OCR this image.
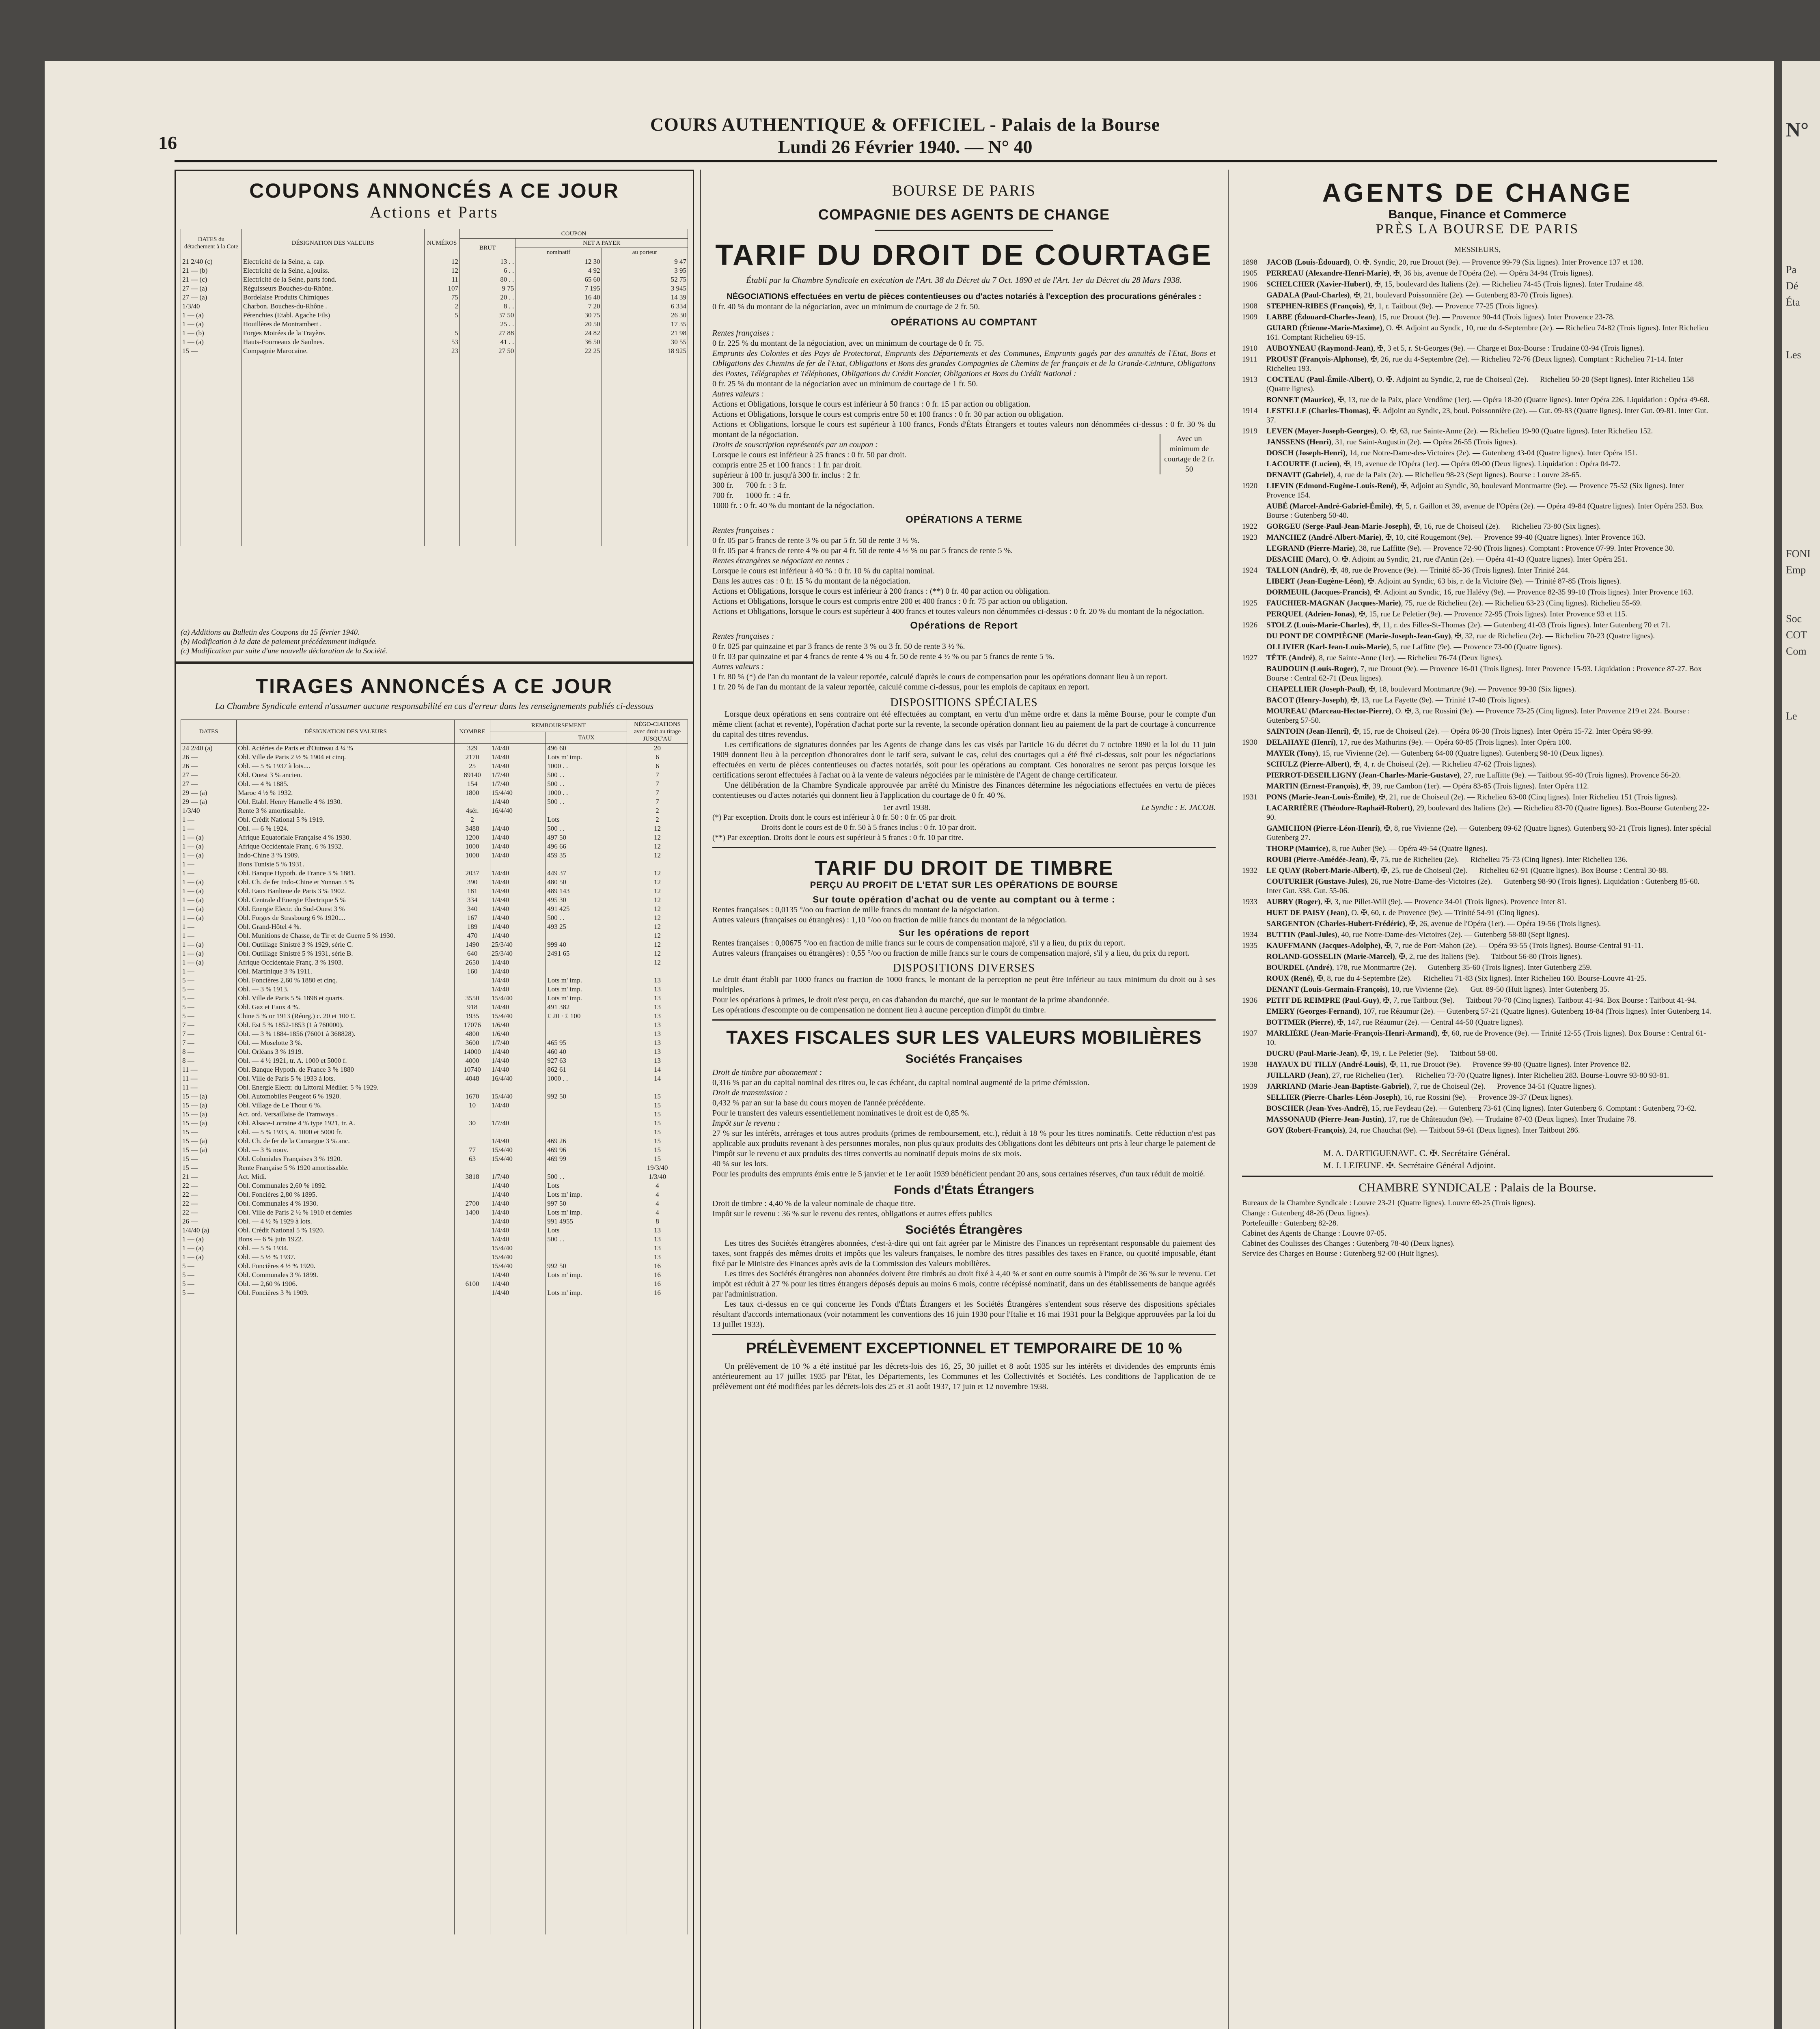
N°
Pa
Dé
Éta
Les
FONI
Emp
Soc
COT
Com
Le
16
COURS AUTHENTIQUE & OFFICIEL - Palais de la Bourse
Lundi 26 Février 1940. — N° 40
COUPONS ANNONCÉS A CE JOUR
Actions et Parts
DATES du détachement à la Cote	DÉSIGNATION DES VALEURS	NUMÉROS	COUPON		
			BRUT	NET A PAYER	
				nominatif	au porteur
21 2/40 (c)	Electricité de la Seine, a. cap.	12	13 . .	12 30	9 47
21 — (b)	Electricité de la Seine, a.jouiss.	12	6 . .	4 92	3 95
21 — (c)	Electricité de la Seine, parts fond.	11	80 . .	65 60	52 75
27 — (a)	Réguisseurs Bouches-du-Rhône.	107	9 75	7 195	3 945
27 — (a)	Bordelaise Produits Chimiques	75	20 . .	16 40	14 39
1/3/40	Charbon. Bouches-du-Rhône .	2	8 . .	7 20	6 334
1 — (a)	Pérenchies (Etabl. Agache Fils)	5	37 50	30 75	26 30
1 — (a)	Houillères de Montrambert .		25 . .	20 50	17 35
1 — (b)	Forges Moirées de la Trayère.	5	27 88	24 82	21 98
1 — (a)	Hauts-Fourneaux de Saulnes.	53	41 . .	36 50	30 55
15 —	Compagnie Marocaine.	23	27 50	22 25	18 925

(a) Additions au Bulletin des Coupons du 15 février 1940.
(b) Modification à la date de paiement précédemment indiquée.
(c) Modification par suite d'une nouvelle déclaration de la Société.
TIRAGES ANNONCÉS A CE JOUR
La Chambre Syndicale entend n'assumer aucune responsabilité en cas d'erreur dans les renseignements publiés ci-dessous
DATES	DÉSIGNATION DES VALEURS	NOMBRE	REMBOURSEMENT		NÉGO-CIATIONS avec droit au tirage JUSQU'AU
				TAUX	
24 2/40 (a)	Obl. Aciéries de Paris et d'Outreau 4 ¼ %	329	1/4/40	496 60	20
26 —	Obl. Ville de Paris 2 ½ % 1904 et cinq.	2170	1/4/40	Lots m' imp.	6
26 —	Obl. — 5 % 1937 à lots....	25	1/4/40	1000 . .	6
27 —	Obl. Ouest 3 % ancien.	89140	1/7/40	500 . .	7
27 —	Obl. — 4 % 1885.	154	1/7/40	500 . .	7
29 — (a)	Maroc 4 ½ % 1932.	1800	15/4/40	1000 . .	7
29 — (a)	Obl. Etabl. Henry Hamelle 4 % 1930.		1/4/40	500 . .	7
1/3/40	Rente 3 % amortissable.	4sér.	16/4/40		2
1 —	Obl. Crédit National 5 % 1919.	2		Lots	2
1 —	Obl. — 6 % 1924.	3488	1/4/40	500 . .	12
1 — (a)	Afrique Equatoriale Française 4 % 1930.	1200	1/4/40	497 50	12
1 — (a)	Afrique Occidentale Franç. 6 % 1932.	1000	1/4/40	496 66	12
1 — (a)	Indo-Chine 3 % 1909.	1000	1/4/40	459 35	12
1 —	Bons Tunisie 5 % 1931.				
1 —	Obl. Banque Hypoth. de France 3 % 1881.	2037	1/4/40	449 37	12
1 — (a)	Obl. Ch. de fer Indo-Chine et Yunnan 3 %	390	1/4/40	480 50	12
1 — (a)	Obl. Eaux Banlieue de Paris 3 % 1902.	181	1/4/40	489 143	12
1 — (a)	Obl. Centrale d'Energie Electrique 5 %	334	1/4/40	495 30	12
1 — (a)	Obl. Energie Electr. du Sud-Ouest 3 %	340	1/4/40	491 425	12
1 — (a)	Obl. Forges de Strasbourg 6 % 1920....	167	1/4/40	500 . .	12
1 —	Obl. Grand-Hôtel 4 %.	189	1/4/40	493 25	12
1 —	Obl. Munitions de Chasse, de Tir et de Guerre 5 % 1930.	470	1/4/40		12
1 — (a)	Obl. Outillage Sinistré 3 % 1929, série C.	1490	25/3/40	999 40	12
1 — (a)	Obl. Outillage Sinistré 5 % 1931, série B.	640	25/3/40	2491 65	12
1 — (a)	Afrique Occidentale Franç. 3 % 1903.	2650	1/4/40		12
1 —	Obl. Martinique 3 % 1911.	160	1/4/40		
5 —	Obl. Foncières 2,60 % 1880 et cinq.		1/4/40	Lots m' imp.	13
5 —	Obl. — 3 % 1913.		1/4/40	Lots m' imp.	13
5 —	Obl. Ville de Paris 5 % 1898 et quarts.	3550	15/4/40	Lots m' imp.	13
5 —	Obl. Gaz et Eaux 4 %.	918	1/4/40	491 382	13
5 —	Chine 5 % or 1913 (Réorg.) c. 20 et 100 £.	1935	15/4/40	£ 20 · £ 100	13
7 —	Obl. Est 5 % 1852-1853 (1 à 760000).	17076	1/6/40		13
7 —	Obl. — 3 % 1884-1856 (76001 à 368828).	4800	1/6/40		13
7 —	Obl. — Moselotte 3 %.	3600	1/7/40	465 95	13
8 —	Obl. Orléans 3 % 1919.	14000	1/4/40	460 40	13
8 —	Obl. — 4 ½ 1921, tr. A. 1000 et 5000 f.	4000	1/4/40	927 63	13
11 —	Obl. Banque Hypoth. de France 3 % 1880	10740	1/4/40	862 61	14
11 —	Obl. Ville de Paris 5 % 1933 à lots.	4048	16/4/40	1000 . .	14
11 —	Obl. Energie Electr. du Littoral Médiler. 5 % 1929.				
15 — (a)	Obl. Automobiles Peugeot 6 % 1920.	1670	15/4/40	992 50	15
15 — (a)	Obl. Village de Le Thour 6 %.	10	1/4/40		15
15 — (a)	Act. ord. Versaillaise de Tramways .				15
15 — (a)	Obl. Alsace-Lorraine 4 % type 1921, tr. A.	30	1/7/40		15
15 —	Obl. — 5 % 1933, A. 1000 et 5000 fr.				15
15 — (a)	Obl. Ch. de fer de la Camargue 3 % anc.		1/4/40	469 26	15
15 — (a)	Obl. — 3 % nouv.	77	15/4/40	469 96	15
15 —	Obl. Coloniales Françaises 3 % 1920.	63	15/4/40	469 99	15
15 —	Rente Française 5 % 1920 amortissable.				19/3/40
21 —	Act. Midi.	3818	1/7/40	500 . .	1/3/40
22 —	Obl. Communales 2,60 % 1892.		1/4/40	Lots	4
22 —	Obl. Foncières 2,80 % 1895.		1/4/40	Lots m' imp.	4
22 —	Obl. Communales 4 % 1930.	2700	1/4/40	997 50	4
22 —	Obl. Ville de Paris 2 ½ % 1910 et demies	1400	1/4/40	Lots m' imp.	4
26 —	Obl. — 4 ½ % 1929 à lots.		1/4/40	991 4955	8
1/4/40 (a)	Obl. Crédit National 5 % 1920.		1/4/40	Lots	13
1 — (a)	Bons — 6 % juin 1922.		1/4/40	500 . .	13
1 — (a)	Obl. — 5 % 1934.		15/4/40		13
1 — (a)	Obl. — 5 ½ % 1937.		15/4/40		13
5 —	Obl. Foncières 4 ½ % 1920.		15/4/40	992 50	16
5 —	Obl. Communales 3 % 1899.		1/4/40	Lots m' imp.	16
5 —	Obl. — 2,60 % 1906.	6100	1/4/40		16
5 —	Obl. Foncières 3 % 1909.		1/4/40	Lots m' imp.	16

BOURSE DE PARIS
COMPAGNIE DES AGENTS DE CHANGE
TARIF DU DROIT DE COURTAGE
Établi par la Chambre Syndicale en exécution de l'Art. 38 du Décret du 7 Oct. 1890 et de l'Art. 1er du Décret du 28 Mars 1938.
NÉGOCIATIONS effectuées en vertu de pièces contentieuses ou d'actes notariés à l'exception des procurations générales :
0 fr. 40 % du montant de la négociation, avec un minimum de courtage de 2 fr. 50.
OPÉRATIONS AU COMPTANT
Rentes françaises :
0 fr. 225 % du montant de la négociation, avec un minimum de courtage de 0 fr. 75.
Emprunts des Colonies et des Pays de Protectorat, Emprunts des Départements et des Communes, Emprunts gagés par des annuités de l'Etat, Bons et Obligations des Chemins de fer de l'Etat, Obligations et Bons des grandes Compagnies de Chemins de fer français et de la Grande-Ceinture, Obligations des Postes, Télégraphes et Téléphones, Obligations du Crédit Foncier, Obligations et Bons du Crédit National :
0 fr. 25 % du montant de la négociation avec un minimum de courtage de 1 fr. 50.
Autres valeurs :
Actions et Obligations, lorsque le cours est inférieur à 50 francs : 0 fr. 15 par action ou obligation.
Actions et Obligations, lorsque le cours est compris entre 50 et 100 francs : 0 fr. 30 par action ou obligation.
Actions et Obligations, lorsque le cours est supérieur à 100 francs, Fonds d'États Étrangers et toutes valeurs non dénommées ci-dessus : 0 fr. 30 % du montant de la négociation.
Droits de souscription représentés par un coupon :
Lorsque le cours est inférieur à 25 francs : 0 fr. 50 par droit.
compris entre 25 et 100 francs : 1 fr. par droit.
supérieur à 100 fr. jusqu'à 300 fr. inclus : 2 fr.
300 fr. — 700 fr. : 3 fr.
700 fr. — 1000 fr. : 4 fr.
1000 fr. : 0 fr. 40 % du montant de la négociation.
Avec un minimum de courtage de 2 fr. 50
OPÉRATIONS A TERME
Rentes françaises :
0 fr. 05 par 5 francs de rente 3 % ou par 5 fr. 50 de rente 3 ½ %.
0 fr. 05 par 4 francs de rente 4 % ou par 4 fr. 50 de rente 4 ½ % ou par 5 francs de rente 5 %.
Rentes étrangères se négociant en rentes :
Lorsque le cours est inférieur à 40 % : 0 fr. 10 % du capital nominal.
Dans les autres cas : 0 fr. 15 % du montant de la négociation.
Actions et Obligations, lorsque le cours est inférieur à 200 francs : (**) 0 fr. 40 par action ou obligation.
Actions et Obligations, lorsque le cours est compris entre 200 et 400 francs : 0 fr. 75 par action ou obligation.
Actions et Obligations, lorsque le cours est supérieur à 400 francs et toutes valeurs non dénommées ci-dessus : 0 fr. 20 % du montant de la négociation.
Opérations de Report
Rentes françaises :
0 fr. 025 par quinzaine et par 3 francs de rente 3 % ou 3 fr. 50 de rente 3 ½ %.
0 fr. 03 par quinzaine et par 4 francs de rente 4 % ou 4 fr. 50 de rente 4 ½ % ou par 5 francs de rente 5 %.
Autres valeurs :
1 fr. 80 % (*) de l'an du montant de la valeur reportée, calculé d'après le cours de compensation pour les opérations donnant lieu à un report.
1 fr. 20 % de l'an du montant de la valeur reportée, calculé comme ci-dessus, pour les emplois de capitaux en report.
DISPOSITIONS SPÉCIALES
Lorsque deux opérations en sens contraire ont été effectuées au comptant, en vertu d'un même ordre et dans la même Bourse, pour le compte d'un même client (achat et revente), l'opération d'achat porte sur la revente, la seconde opération donnant lieu au paiement de la part de courtage à concurrence du capital des titres revendus.
Les certifications de signatures données par les Agents de change dans les cas visés par l'article 16 du décret du 7 octobre 1890 et la loi du 11 juin 1909 donnent lieu à la perception d'honoraires dont le tarif sera, suivant le cas, celui des courtages qui a été fixé ci-dessus, soit pour les négociations effectuées en vertu de pièces contentieuses ou d'actes notariés, soit pour les opérations au comptant. Ces honoraires ne seront pas perçus lorsque les certifications seront effectuées à l'achat ou à la vente de valeurs négociées par le ministère de l'Agent de change certificateur.
Une délibération de la Chambre Syndicale approuvée par arrêté du Ministre des Finances détermine les négociations effectuées en vertu de pièces contentieuses ou d'actes notariés qui donnent lieu à l'application du courtage de 0 fr. 40 %.
1er avril 1938.	Le Syndic : E. JACOB.
(*) Par exception. Droits dont le cours est inférieur à 0 fr. 50 : 0 fr. 05 par droit.
Droits dont le cours est de 0 fr. 50 à 5 francs inclus : 0 fr. 10 par droit.
(**) Par exception. Droits dont le cours est supérieur à 5 francs : 0 fr. 10 par titre.
TARIF DU DROIT DE TIMBRE
PERÇU AU PROFIT DE L'ETAT SUR LES OPÉRATIONS DE BOURSE
Sur toute opération d'achat ou de vente au comptant ou à terme :
Rentes françaises : 0,0135 °/oo ou fraction de mille francs du montant de la négociation.
Autres valeurs (françaises ou étrangères) : 1,10 °/oo ou fraction de mille francs du montant de la négociation.
Sur les opérations de report
Rentes françaises : 0,00675 °/oo en fraction de mille francs sur le cours de compensation majoré, s'il y a lieu, du prix du report.
Autres valeurs (françaises ou étrangères) : 0,55 °/oo ou fraction de mille francs sur le cours de compensation majoré, s'il y a lieu, du prix du report.
DISPOSITIONS DIVERSES
Le droit étant établi par 1000 francs ou fraction de 1000 francs, le montant de la perception ne peut être inférieur au taux minimum du droit ou à ses multiples.
Pour les opérations à primes, le droit n'est perçu, en cas d'abandon du marché, que sur le montant de la prime abandonnée.
Les opérations d'escompte ou de compensation ne donnent lieu à aucune perception d'impôt du timbre.
TAXES FISCALES SUR LES VALEURS MOBILIÈRES
Sociétés Françaises
Droit de timbre par abonnement :
0,316 % par an du capital nominal des titres ou, le cas échéant, du capital nominal augmenté de la prime d'émission.
Droit de transmission :
0,432 % par an sur la base du cours moyen de l'année précédente.
Pour le transfert des valeurs essentiellement nominatives le droit est de 0,85 %.
Impôt sur le revenu :
27 % sur les intérêts, arrérages et tous autres produits (primes de remboursement, etc.), réduit à 18 % pour les titres nominatifs. Cette réduction n'est pas applicable aux produits revenant à des personnes morales, non plus qu'aux produits des Obligations dont les débiteurs ont pris à leur charge le paiement de l'impôt sur le revenu et aux produits des titres convertis au nominatif depuis moins de six mois.
40 % sur les lots.
Pour les produits des emprunts émis entre le 5 janvier et le 1er août 1939 bénéficient pendant 20 ans, sous certaines réserves, d'un taux réduit de moitié.
Fonds d'États Étrangers
Droit de timbre : 4,40 % de la valeur nominale de chaque titre.
Impôt sur le revenu : 36 % sur le revenu des rentes, obligations et autres effets publics
Sociétés Étrangères
Les titres des Sociétés étrangères abonnées, c'est-à-dire qui ont fait agréer par le Ministre des Finances un représentant responsable du paiement des taxes, sont frappés des mêmes droits et impôts que les valeurs françaises, le nombre des titres passibles des taxes en France, ou quotité imposable, étant fixé par le Ministre des Finances après avis de la Commission des Valeurs mobilières.
Les titres des Sociétés étrangères non abonnées doivent être timbrés au droit fixé à 4,40 % et sont en outre soumis à l'impôt de 36 % sur le revenu. Cet impôt est réduit à 27 % pour les titres étrangers déposés depuis au moins 6 mois, contre récépissé nominatif, dans un des établissements de banque agréés par l'administration.
Les taux ci-dessus en ce qui concerne les Fonds d'États Étrangers et les Sociétés Étrangères s'entendent sous réserve des dispositions spéciales résultant d'accords internationaux (voir notamment les conventions des 16 juin 1930 pour l'Italie et 16 mai 1931 pour la Belgique approuvées par la loi du 13 juillet 1933).
PRÉLÈVEMENT EXCEPTIONNEL ET TEMPORAIRE DE 10 %
Un prélèvement de 10 % a été institué par les décrets-lois des 16, 25, 30 juillet et 8 août 1935 sur les intérêts et dividendes des emprunts émis antérieurement au 17 juillet 1935 par l'Etat, les Départements, les Communes et les Collectivités et Sociétés. Les conditions de l'application de ce prélèvement ont été modifiées par les décrets-lois des 25 et 31 août 1937, 17 juin et 12 novembre 1938.
AGENTS DE CHANGE
Banque, Finance et Commerce
PRÈS LA BOURSE DE PARIS
MESSIEURS,
1898 JACOB (Louis-Édouard), O. ✠. Syndic, 20, rue Drouot (9e). — Provence 99-79 (Six lignes). Inter Provence 137 et 138.
1905 PERREAU (Alexandre-Henri-Marie), ✠, 36 bis, avenue de l'Opéra (2e). — Opéra 34-94 (Trois lignes).
1906 SCHELCHER (Xavier-Hubert), ✠, 15, boulevard des Italiens (2e). — Richelieu 74-45 (Trois lignes). Inter Trudaine 48.
GADALA (Paul-Charles), ✠, 21, boulevard Poissonnière (2e). — Gutenberg 83-70 (Trois lignes).
1908 STEPHEN-RIBES (François), ✠, 1, r. Taitbout (9e). — Provence 77-25 (Trois lignes).
1909 LABBE (Édouard-Charles-Jean), 15, rue Drouot (9e). — Provence 90-44 (Trois lignes). Inter Provence 23-78.
GUIARD (Étienne-Marie-Maxime), O. ✠. Adjoint au Syndic, 10, rue du 4-Septembre (2e). — Richelieu 74-82 (Trois lignes). Inter Richelieu 161. Comptant Richelieu 69-15.
1910 AUBOYNEAU (Raymond-Jean), ✠, 3 et 5, r. St-Georges (9e). — Charge et Box-Bourse : Trudaine 03-94 (Trois lignes).
1911 PROUST (François-Alphonse), ✠, 26, rue du 4-Septembre (2e). — Richelieu 72-76 (Deux lignes). Comptant : Richelieu 71-14. Inter Richelieu 193.
1913 COCTEAU (Paul-Émile-Albert), O. ✠. Adjoint au Syndic, 2, rue de Choiseul (2e). — Richelieu 50-20 (Sept lignes). Inter Richelieu 158 (Quatre lignes).
BONNET (Maurice), ✠, 13, rue de la Paix, place Vendôme (1er). — Opéra 18-20 (Quatre lignes). Inter Opéra 226. Liquidation : Opéra 49-68.
1914 LESTELLE (Charles-Thomas), ✠. Adjoint au Syndic, 23, boul. Poissonnière (2e). — Gut. 09-83 (Quatre lignes). Inter Gut. 09-81. Inter Gut. 37.
1919 LEVEN (Mayer-Joseph-Georges), O. ✠, 63, rue Sainte-Anne (2e). — Richelieu 19-90 (Quatre lignes). Inter Richelieu 152.
JANSSENS (Henri), 31, rue Saint-Augustin (2e). — Opéra 26-55 (Trois lignes).
DOSCH (Joseph-Henri), 14, rue Notre-Dame-des-Victoires (2e). — Gutenberg 43-04 (Quatre lignes). Inter Opéra 151.
LACOURTE (Lucien), ✠, 19, avenue de l'Opéra (1er). — Opéra 09-00 (Deux lignes). Liquidation : Opéra 04-72.
DENAVIT (Gabriel), 4, rue de la Paix (2e). — Richelieu 98-23 (Sept lignes). Bourse : Louvre 28-65.
1920 LIEVIN (Edmond-Eugène-Louis-René), ✠, Adjoint au Syndic, 30, boulevard Montmartre (9e). — Provence 75-52 (Six lignes). Inter Provence 154.
AUBÉ (Marcel-André-Gabriel-Émile), ✠, 5, r. Gaillon et 39, avenue de l'Opéra (2e). — Opéra 49-84 (Quatre lignes). Inter Opéra 253. Box Bourse : Gutenberg 50-40.
1922 GORGEU (Serge-Paul-Jean-Marie-Joseph), ✠, 16, rue de Choiseul (2e). — Richelieu 73-80 (Six lignes).
1923 MANCHEZ (André-Albert-Marie), ✠, 10, cité Rougemont (9e). — Provence 99-40 (Quatre lignes). Inter Provence 163.
LEGRAND (Pierre-Marie), 38, rue Laffitte (9e). — Provence 72-90 (Trois lignes). Comptant : Provence 07-99. Inter Provence 30.
DESACHE (Marc), O. ✠. Adjoint au Syndic, 21, rue d'Antin (2e). — Opéra 41-43 (Quatre lignes). Inter Opéra 251.
1924 TALLON (André), ✠, 48, rue de Provence (9e). — Trinité 85-36 (Trois lignes). Inter Trinité 244.
LIBERT (Jean-Eugène-Léon), ✠. Adjoint au Syndic, 63 bis, r. de la Victoire (9e). — Trinité 87-85 (Trois lignes).
DORMEUIL (Jacques-Francis), ✠. Adjoint au Syndic, 16, rue Halévy (9e). — Provence 82-35 99-10 (Trois lignes). Inter Provence 163.
1925 FAUCHIER-MAGNAN (Jacques-Marie), 75, rue de Richelieu (2e). — Richelieu 63-23 (Cinq lignes). Richelieu 55-69.
PERQUEL (Adrien-Jonas), ✠, 15, rue Le Peletier (9e). — Provence 72-95 (Trois lignes). Inter Provence 93 et 115.
1926 STOLZ (Louis-Marie-Charles), ✠, 11, r. des Filles-St-Thomas (2e). — Gutenberg 41-03 (Trois lignes). Inter Gutenberg 70 et 71.
DU PONT DE COMPIÈGNE (Marie-Joseph-Jean-Guy), ✠, 32, rue de Richelieu (2e). — Richelieu 70-23 (Quatre lignes).
OLLIVIER (Karl-Jean-Louis-Marie), 5, rue Laffitte (9e). — Provence 73-00 (Quatre lignes).
1927 TÊTE (André), 8, rue Sainte-Anne (1er). — Richelieu 76-74 (Deux lignes).
BAUDOUIN (Louis-Roger), 7, rue Drouot (9e). — Provence 16-01 (Trois lignes). Inter Provence 15-93. Liquidation : Provence 87-27. Box Bourse : Central 62-71 (Deux lignes).
CHAPELLIER (Joseph-Paul), ✠, 18, boulevard Montmartre (9e). — Provence 99-30 (Six lignes).
BACOT (Henry-Joseph), ✠, 13, rue La Fayette (9e). — Trinité 17-40 (Trois lignes).
MOUREAU (Marceau-Hector-Pierre), O. ✠, 3, rue Rossini (9e). — Provence 73-25 (Cinq lignes). Inter Provence 219 et 224. Bourse : Gutenberg 57-50.
SAINTOIN (Jean-Henri), ✠, 15, rue de Choiseul (2e). — Opéra 06-30 (Trois lignes). Inter Opéra 15-72. Inter Opéra 98-99.
1930 DELAHAYE (Henri), 17, rue des Mathurins (9e). — Opéra 60-85 (Trois lignes). Inter Opéra 100.
MAYER (Tony), 15, rue Vivienne (2e). — Gutenberg 64-00 (Quatre lignes). Gutenberg 98-10 (Deux lignes).
SCHULZ (Pierre-Albert), ✠, 4, r. de Choiseul (2e). — Richelieu 47-62 (Trois lignes).
PIERROT-DESEILLIGNY (Jean-Charles-Marie-Gustave), 27, rue Laffitte (9e). — Taitbout 95-40 (Trois lignes). Provence 56-20.
MARTIN (Ernest-François), ✠, 39, rue Cambon (1er). — Opéra 83-85 (Trois lignes). Inter Opéra 112.
1931 PONS (Marie-Jean-Louis-Émile), ✠, 21, rue de Choiseul (2e). — Richelieu 63-00 (Cinq lignes). Inter Richelieu 151 (Trois lignes).
LACARRIÈRE (Théodore-Raphaël-Robert), 29, boulevard des Italiens (2e). — Richelieu 83-70 (Quatre lignes). Box-Bourse Gutenberg 22-90.
GAMICHON (Pierre-Léon-Henri), ✠, 8, rue Vivienne (2e). — Gutenberg 09-62 (Quatre lignes). Gutenberg 93-21 (Trois lignes). Inter spécial Gutenberg 27.
THORP (Maurice), 8, rue Auber (9e). — Opéra 49-54 (Quatre lignes).
ROUBI (Pierre-Amédée-Jean), ✠, 75, rue de Richelieu (2e). — Richelieu 75-73 (Cinq lignes). Inter Richelieu 136.
1932 LE QUAY (Robert-Marie-Albert), ✠, 25, rue de Choiseul (2e). — Richelieu 62-91 (Quatre lignes). Box Bourse : Central 30-88.
COUTURIER (Gustave-Jules), 26, rue Notre-Dame-des-Victoires (2e). — Gutenberg 98-90 (Trois lignes). Liquidation : Gutenberg 85-60. Inter Gut. 338. Gut. 55-06.
1933 AUBRY (Roger), ✠, 3, rue Pillet-Will (9e). — Provence 34-01 (Trois lignes). Provence Inter 81.
HUET DE PAISY (Jean), O. ✠, 60, r. de Provence (9e). — Trinité 54-91 (Cinq lignes).
SARGENTON (Charles-Hubert-Frédéric), ✠, 26, avenue de l'Opéra (1er). — Opéra 19-56 (Trois lignes).
1934 BUTTIN (Paul-Jules), 40, rue Notre-Dame-des-Victoires (2e). — Gutenberg 58-80 (Sept lignes).
1935 KAUFFMANN (Jacques-Adolphe), ✠, 7, rue de Port-Mahon (2e). — Opéra 93-55 (Trois lignes). Bourse-Central 91-11.
ROLAND-GOSSELIN (Marie-Marcel), ✠, 2, rue des Italiens (9e). — Taitbout 56-80 (Trois lignes).
BOURDEL (André), 178, rue Montmartre (2e). — Gutenberg 35-60 (Trois lignes). Inter Gutenberg 259.
ROUX (René), ✠, 8, rue du 4-Septembre (2e). — Richelieu 71-83 (Six lignes). Inter Richelieu 160. Bourse-Louvre 41-25.
DENANT (Louis-Germain-François), 10, rue Vivienne (2e). — Gut. 89-50 (Huit lignes). Inter Gutenberg 35.
1936 PETIT DE REIMPRE (Paul-Guy), ✠, 7, rue Taitbout (9e). — Taitbout 70-70 (Cinq lignes). Taitbout 41-94. Box Bourse : Taitbout 41-94.
EMERY (Georges-Fernand), 107, rue Réaumur (2e). — Gutenberg 57-21 (Quatre lignes). Gutenberg 18-84 (Trois lignes). Inter Gutenberg 14.
BOTTMER (Pierre), ✠, 147, rue Réaumur (2e). — Central 44-50 (Quatre lignes).
1937 MARLIÈRE (Jean-Marie-François-Henri-Armand), ✠, 60, rue de Provence (9e). — Trinité 12-55 (Trois lignes). Box Bourse : Central 61-10.
DUCRU (Paul-Marie-Jean), ✠, 19, r. Le Peletier (9e). — Taitbout 58-00.
1938 HAYAUX DU TILLY (André-Louis), ✠, 11, rue Drouot (9e). — Provence 99-80 (Quatre lignes). Inter Provence 82.
JUILLARD (Jean), 27, rue Richelieu (1er). — Richelieu 73-70 (Quatre lignes). Inter Richelieu 283. Bourse-Louvre 93-80 93-81.
1939 JARRIAND (Marie-Jean-Baptiste-Gabriel), 7, rue de Choiseul (2e). — Provence 34-51 (Quatre lignes).
SELLIER (Pierre-Charles-Léon-Joseph), 16, rue Rossini (9e). — Provence 39-37 (Deux lignes).
BOSCHER (Jean-Yves-André), 15, rue Feydeau (2e). — Gutenberg 73-61 (Cinq lignes). Inter Gutenberg 6. Comptant : Gutenberg 73-62.
MASSONAUD (Pierre-Jean-Justin), 17, rue de Châteaudun (9e). — Trudaine 87-03 (Deux lignes). Inter Trudaine 78.
GOY (Robert-François), 24, rue Chauchat (9e). — Taitbout 59-61 (Deux lignes). Inter Taitbout 286.
M. A. DARTIGUENAVE. C. ✠. Secrétaire Général.
M. J. LEJEUNE. ✠. Secrétaire Général Adjoint.
CHAMBRE SYNDICALE : Palais de la Bourse.
Bureaux de la Chambre Syndicale : Louvre 23-21 (Quatre lignes). Louvre 69-25 (Trois lignes).
Change : Gutenberg 48-26 (Deux lignes).
Portefeuille : Gutenberg 82-28.
Cabinet des Agents de Change : Louvre 07-05.
Cabinet des Coulisses des Changes : Gutenberg 78-40 (Deux lignes).
Service des Charges en Bourse : Gutenberg 92-00 (Huit lignes).
